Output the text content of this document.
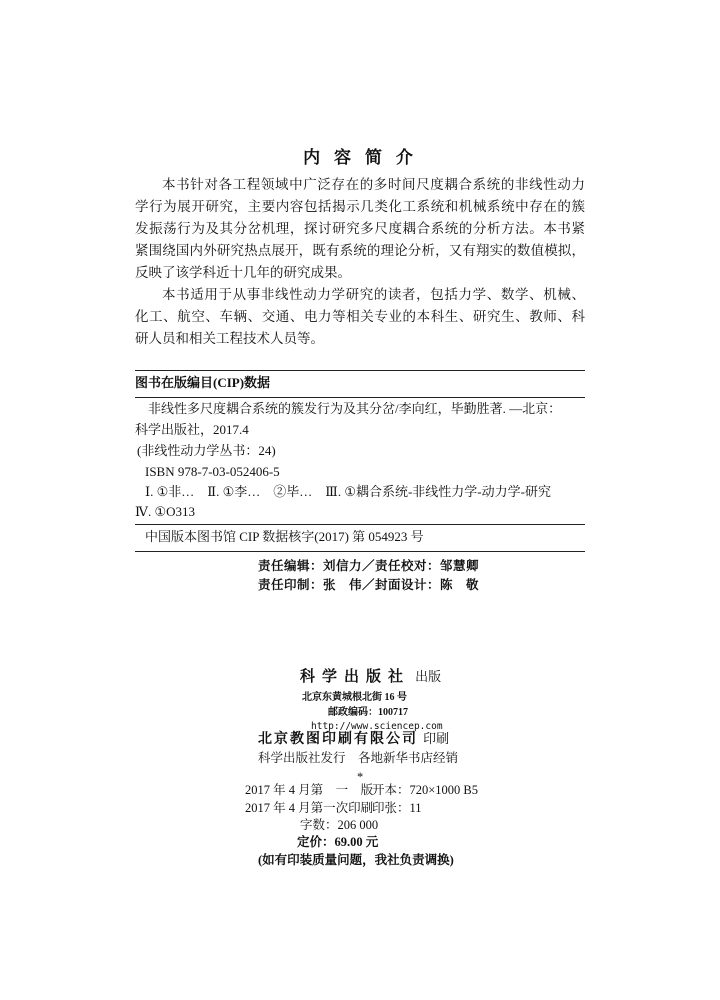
内 容 简 介
本书针对各工程领域中广泛存在的多时间尺度耦合系统的非线性动力
学行为展开研究，主要内容包括揭示几类化工系统和机械系统中存在的簇
发振荡行为及其分岔机理，探讨研究多尺度耦合系统的分析方法。本书紧
紧围绕国内外研究热点展开，既有系统的理论分析，又有翔实的数值模拟，
反映了该学科近十几年的研究成果。
本书适用于从事非线性动力学研究的读者，包括力学、数学、机械、
化工、航空、车辆、交通、电力等相关专业的本科生、研究生、教师、科
研人员和相关工程技术人员等。
图书在版编目(CIP)数据
非线性多尺度耦合系统的簇发行为及其分岔/李向红，毕勤胜著. —北京：
科学出版社，2017.4
(非线性动力学丛书：24)
ISBN 978-7-03-052406-5
Ⅰ. ①非…　Ⅱ. ①李…　②毕…　Ⅲ. ①耦合系统-非线性力学-动力学-研究
Ⅳ. ①O313
中国版本图书馆 CIP 数据核字(2017) 第 054923 号
责任编辑：刘信力／责任校对：邹慧卿
责任印制：张　伟／封面设计：陈　敬
科学出版社 出版
北京东黄城根北街 16 号
邮政编码：100717
http://www.sciencep.com
北京教图印刷有限公司 印刷
科学出版社发行　各地新华书店经销
*
2017 年 4 月第　一　版
开本：720×1000 B5
2017 年 4 月第一次印刷
印张：11
字数：206 000
定价：69.00 元
(如有印装质量问题，我社负责调换)
